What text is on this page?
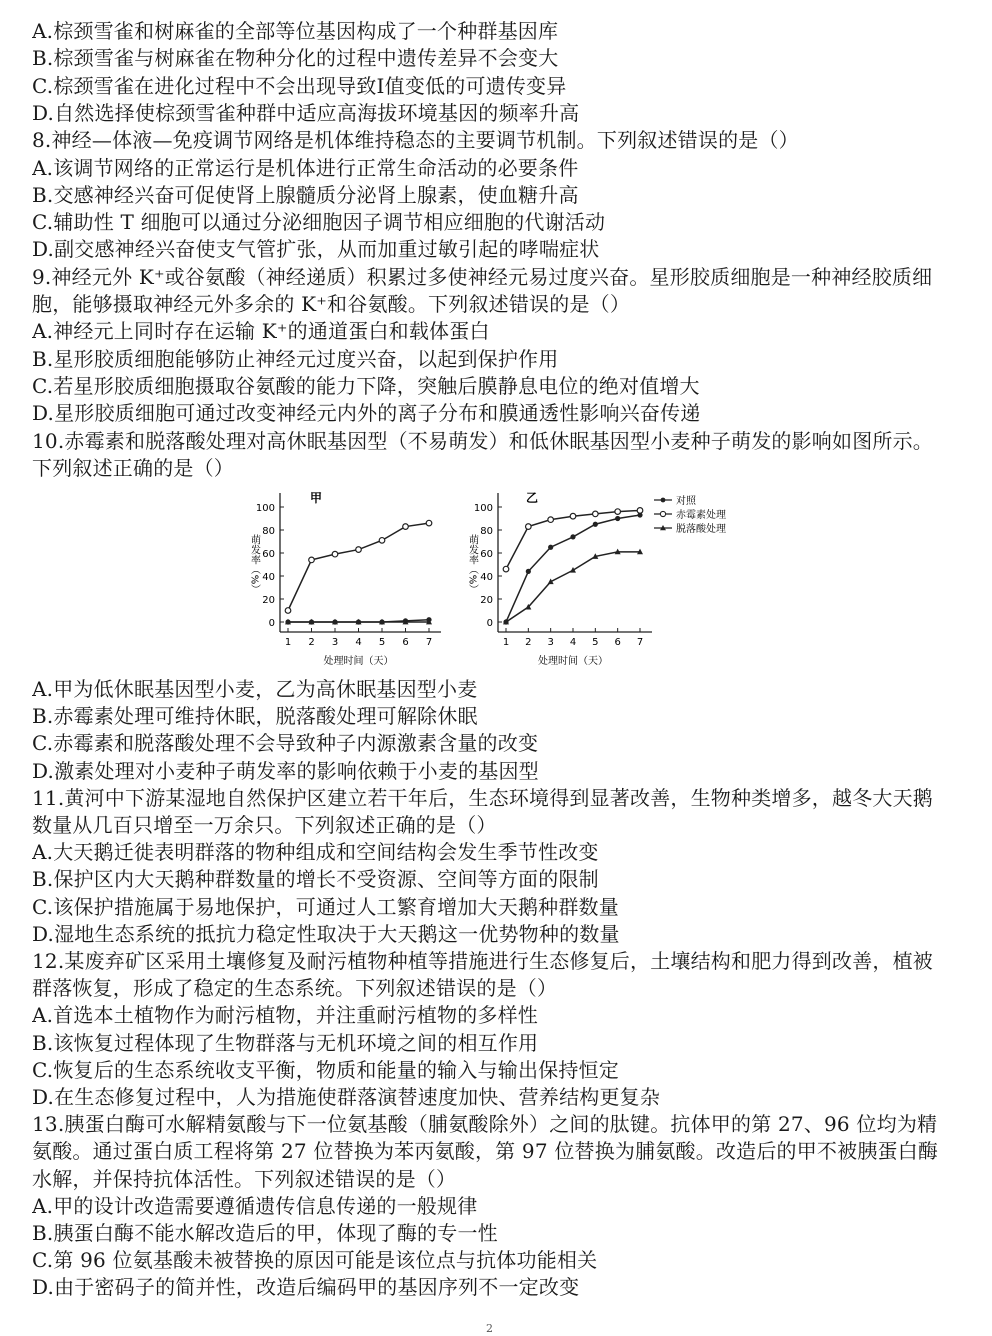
A.棕颈雪雀和树麻雀的全部等位基因构成了一个种群基因库
B.棕颈雪雀与树麻雀在物种分化的过程中遗传差异不会变大
C.棕颈雪雀在进化过程中不会出现导致I值变低的可遗传变异
D.自然选择使棕颈雪雀种群中适应高海拔环境基因的频率升高
8.神经—体液—免疫调节网络是机体维持稳态的主要调节机制。下列叙述错误的是（）
A.该调节网络的正常运行是机体进行正常生命活动的必要条件
B.交感神经兴奋可促使肾上腺髓质分泌肾上腺素，使血糖升高
C.辅助性 T 细胞可以通过分泌细胞因子调节相应细胞的代谢活动
D.副交感神经兴奋使支气管扩张，从而加重过敏引起的哮喘症状
9.神经元外 K⁺或谷氨酸（神经递质）积累过多使神经元易过度兴奋。星形胶质细胞是一种神经胶质细
胞，能够摄取神经元外多余的 K⁺和谷氨酸。下列叙述错误的是（）
A.神经元上同时存在运输 K⁺的通道蛋白和载体蛋白
B.星形胶质细胞能够防止神经元过度兴奋，以起到保护作用
C.若星形胶质细胞摄取谷氨酸的能力下降，突触后膜静息电位的绝对值增大
D.星形胶质细胞可通过改变神经元内外的离子分布和膜通透性影响兴奋传递
10.赤霉素和脱落酸处理对高休眠基因型（不易萌发）和低休眠基因型小麦种子萌发的影响如图所示。
下列叙述正确的是（）
甲
0
20
40
60
80
100
1 2 3 4 5 6 7
处理时间（天）
萌发率（%）
乙
0
20
40
60
80
100
1 2 3 4 5 6 7
处理时间（天）
萌发率（%）
对照
赤霉素处理
脱落酸处理
A.甲为低休眠基因型小麦，乙为高休眠基因型小麦
B.赤霉素处理可维持休眠，脱落酸处理可解除休眠
C.赤霉素和脱落酸处理不会导致种子内源激素含量的改变
D.激素处理对小麦种子萌发率的影响依赖于小麦的基因型
11.黄河中下游某湿地自然保护区建立若干年后，生态环境得到显著改善，生物种类增多，越冬大天鹅
数量从几百只增至一万余只。下列叙述正确的是（）
A.大天鹅迁徙表明群落的物种组成和空间结构会发生季节性改变
B.保护区内大天鹅种群数量的增长不受资源、空间等方面的限制
C.该保护措施属于易地保护，可通过人工繁育增加大天鹅种群数量
D.湿地生态系统的抵抗力稳定性取决于大天鹅这一优势物种的数量
12.某废弃矿区采用土壤修复及耐污植物种植等措施进行生态修复后，土壤结构和肥力得到改善，植被
群落恢复，形成了稳定的生态系统。下列叙述错误的是（）
A.首选本土植物作为耐污植物，并注重耐污植物的多样性
B.该恢复过程体现了生物群落与无机环境之间的相互作用
C.恢复后的生态系统收支平衡，物质和能量的输入与输出保持恒定
D.在生态修复过程中，人为措施使群落演替速度加快、营养结构更复杂
13.胰蛋白酶可水解精氨酸与下一位氨基酸（脯氨酸除外）之间的肽键。抗体甲的第 27、96 位均为精
氨酸。通过蛋白质工程将第 27 位替换为苯丙氨酸，第 97 位替换为脯氨酸。改造后的甲不被胰蛋白酶
水解，并保持抗体活性。下列叙述错误的是（）
A.甲的设计改造需要遵循遗传信息传递的一般规律
B.胰蛋白酶不能水解改造后的甲，体现了酶的专一性
C.第 96 位氨基酸未被替换的原因可能是该位点与抗体功能相关
D.由于密码子的简并性，改造后编码甲的基因序列不一定改变
2
